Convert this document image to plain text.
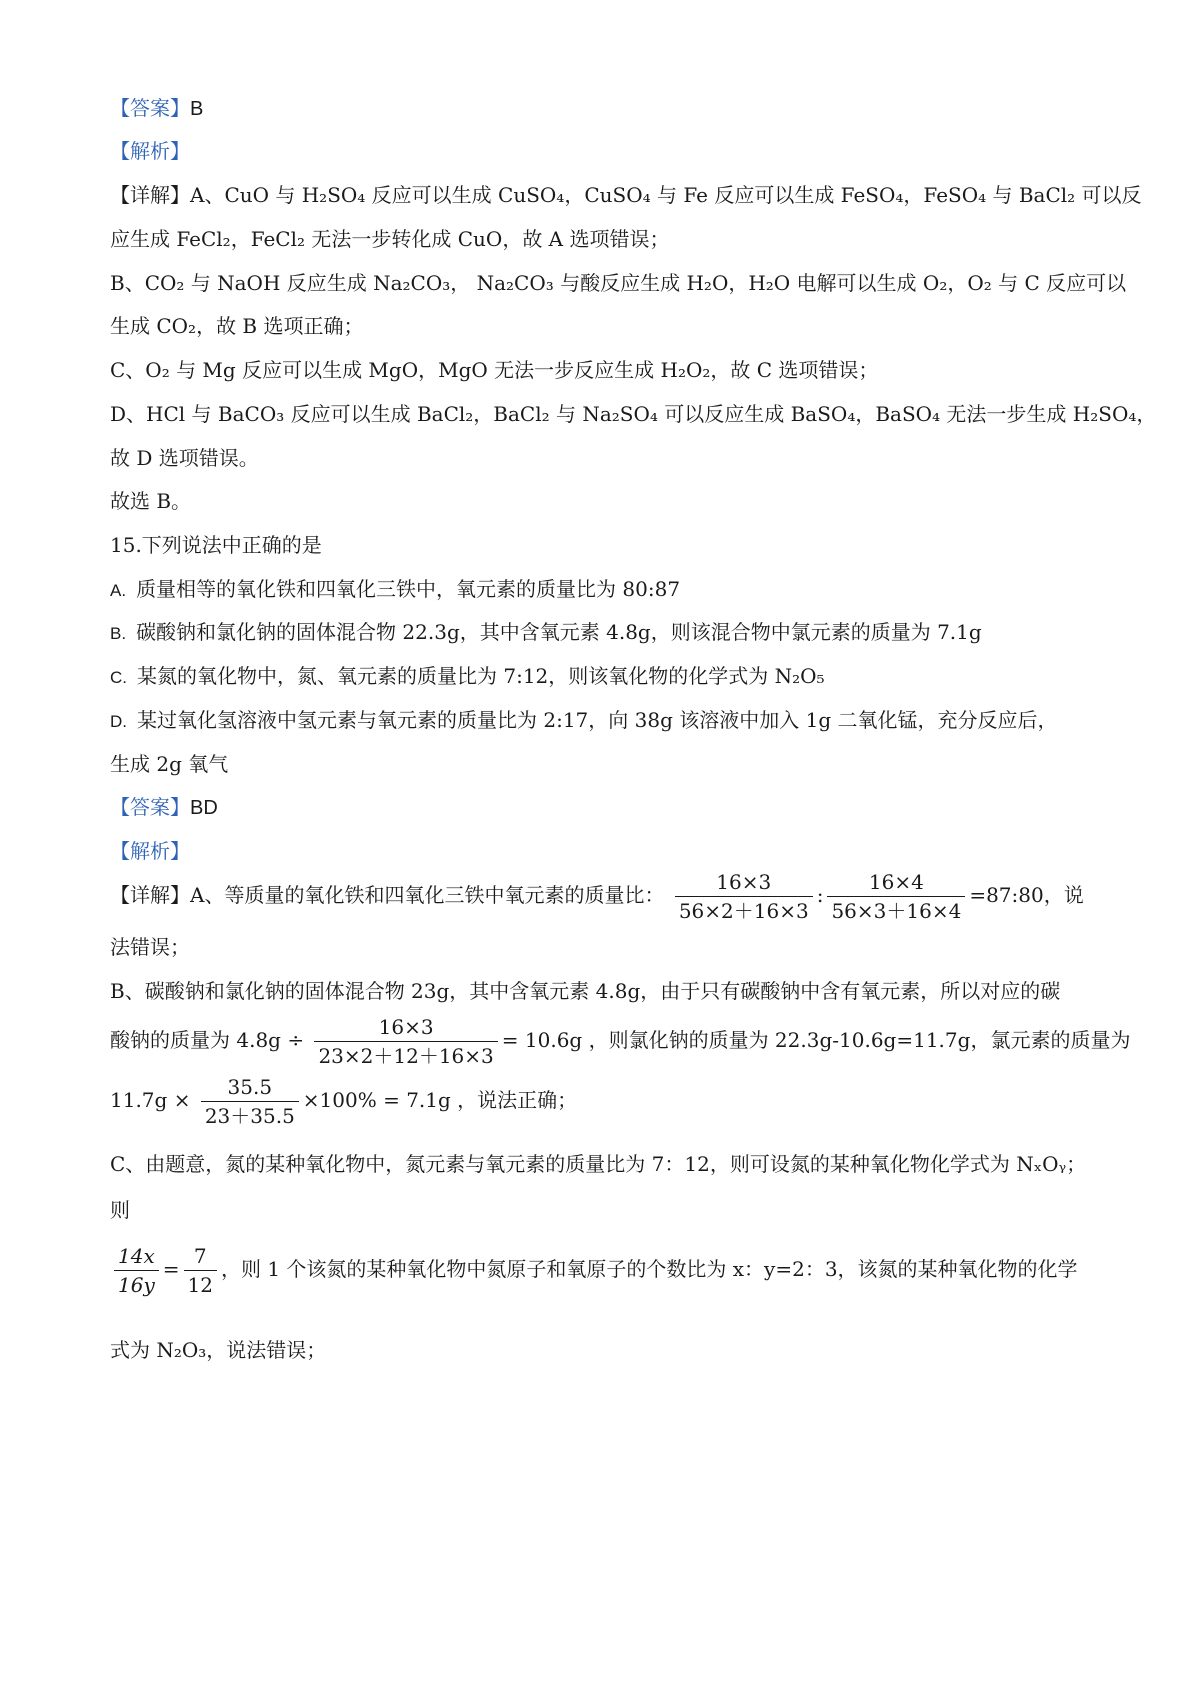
【答案】B
【解析】
【详解】A、CuO 与 H₂SO₄ 反应可以生成 CuSO₄，CuSO₄ 与 Fe 反应可以生成 FeSO₄，FeSO₄ 与 BaCl₂ 可以反
应生成 FeCl₂，FeCl₂ 无法一步转化成 CuO，故 A 选项错误；
B、CO₂ 与 NaOH 反应生成 Na₂CO₃， Na₂CO₃ 与酸反应生成 H₂O，H₂O 电解可以生成 O₂，O₂ 与 C 反应可以
生成 CO₂，故 B 选项正确；
C、O₂ 与 Mg 反应可以生成 MgO，MgO 无法一步反应生成 H₂O₂，故 C 选项错误；
D、HCl 与 BaCO₃ 反应可以生成 BaCl₂，BaCl₂ 与 Na₂SO₄ 可以反应生成 BaSO₄，BaSO₄ 无法一步生成 H₂SO₄，
故 D 选项错误。
故选 B。
15.下列说法中正确的是
A. 质量相等的氧化铁和四氧化三铁中，氧元素的质量比为 80:87
B. 碳酸钠和氯化钠的固体混合物 22.3g，其中含氧元素 4.8g，则该混合物中氯元素的质量为 7.1g
C. 某氮的氧化物中，氮、氧元素的质量比为 7:12，则该氧化物的化学式为 N₂O₅
D. 某过氧化氢溶液中氢元素与氧元素的质量比为 2:17，向 38g 该溶液中加入 1g 二氧化锰，充分反应后，
生成 2g 氧气
【答案】BD
【解析】
【详解】A、等质量的氧化铁和四氧化三铁中氧元素的质量比： $\frac{16\times 3}{56\times 2+16\times 3}$ : $\frac{16\times 4}{56\times 3+16\times 4}$ =87:80，说
法错误；
B、碳酸钠和氯化钠的固体混合物 23g，其中含氧元素 4.8g，由于只有碳酸钠中含有氧元素，所以对应的碳
酸钠的质量为 $4.8g \div \frac{16\times 3}{23\times 2+12+16\times 3} = 10.6g$ ，则氯化钠的质量为 22.3g-10.6g=11.7g，氯元素的质量为
$11.7g \times \frac{35.5}{23+35.5} \times 100\% = 7.1g$ ，说法正确；
C、由题意，氮的某种氧化物中，氮元素与氧元素的质量比为 7：12，则可设氮的某种氧化物化学式为 NₓOᵧ；
则
$\frac{14x}{16y} = \frac{7}{12}$ ，则 1 个该氮的某种氧化物中氮原子和氧原子的个数比为 x：y=2：3，该氮的某种氧化物的化学
式为 N₂O₃，说法错误；
